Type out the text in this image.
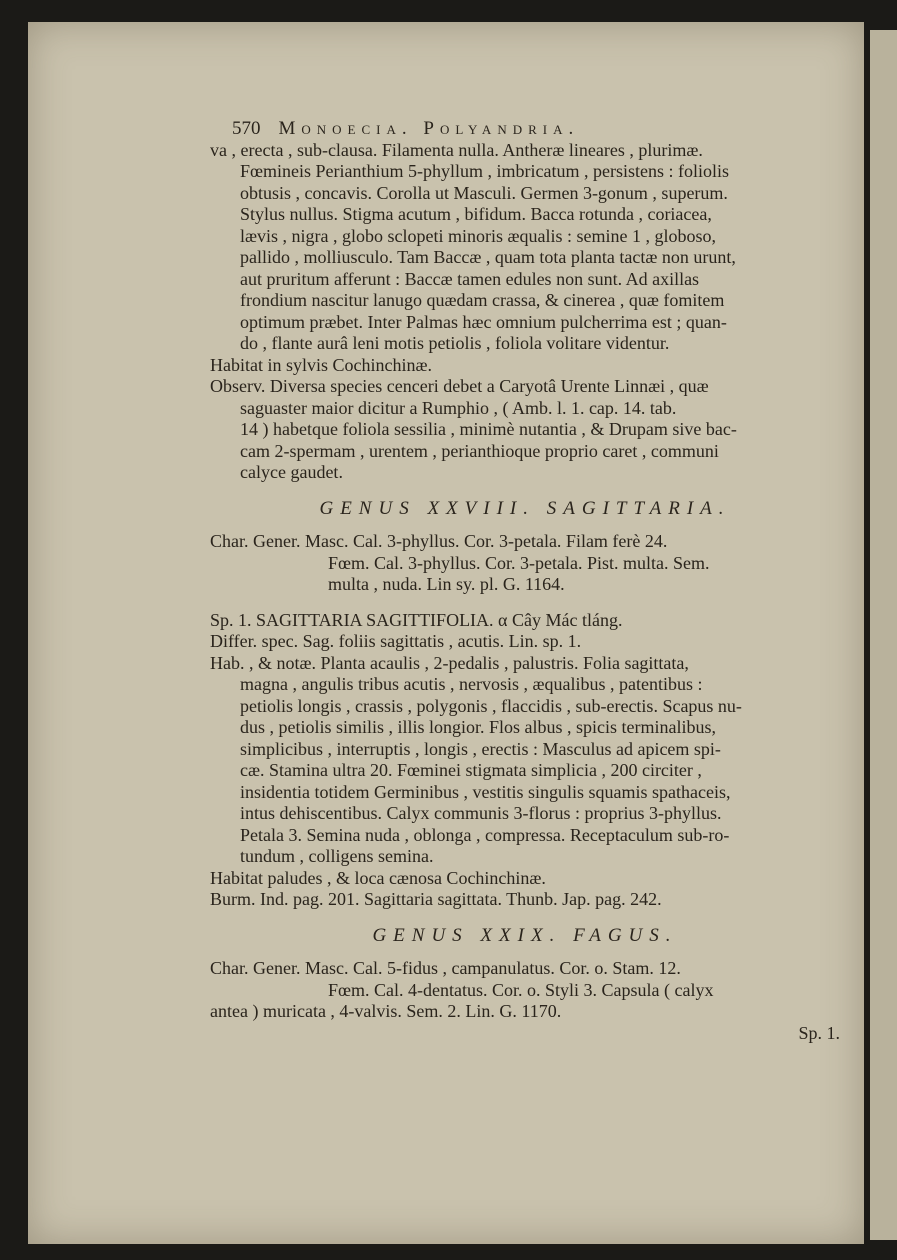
570 Monoecia. Polyandria.

va , erecta , sub-clausa. Filamenta nulla. Antheræ lineares , plurimæ.

Fœmineis Perianthium 5-phyllum , imbricatum , persistens : foliolis

obtusis , concavis. Corolla ut Masculi. Germen 3-gonum , superum.

Stylus nullus. Stigma acutum , bifidum. Bacca rotunda , coriacea,

lævis , nigra , globo sclopeti minoris æqualis : semine 1 , globoso,

pallido , molliusculo. Tam Baccæ , quam tota planta tactæ non urunt,

aut pruritum afferunt : Baccæ tamen edules non sunt. Ad axillas

frondium nascitur lanugo quædam crassa, & cinerea , quæ fomitem

optimum præbet. Inter Palmas hæc omnium pulcherrima est ; quan-

do , flante aurâ leni motis petiolis , foliola volitare videntur.

Habitat in sylvis Cochinchinæ.

Observ. Diversa species cenceri debet a Caryotâ Urente Linnæi , quæ

saguaster maior dicitur a Rumphio , ( Amb. l. 1. cap. 14. tab.

14 ) habetque foliola sessilia , minimè nutantia , & Drupam sive bac-

cam 2-spermam , urentem , perianthioque proprio caret , communi

calyce gaudet.

GENUS XXVIII. SAGITTARIA.

Char. Gener. Masc. Cal. 3-phyllus. Cor. 3-petala. Filam ferè 24.

Fœm. Cal. 3-phyllus. Cor. 3-petala. Pist. multa. Sem.

multa , nuda. Lin sy. pl. G. 1164.

Sp. 1. SAGITTARIA SAGITTIFOLIA. α Cây Mác tláng.

Differ. spec. Sag. foliis sagittatis , acutis. Lin. sp. 1.

Hab. , & notæ. Planta acaulis , 2-pedalis , palustris. Folia sagittata,

magna , angulis tribus acutis , nervosis , æqualibus , patentibus :

petiolis longis , crassis , polygonis , flaccidis , sub-erectis. Scapus nu-

dus , petiolis similis , illis longior. Flos albus , spicis terminalibus,

simplicibus , interruptis , longis , erectis : Masculus ad apicem spi-

cæ. Stamina ultra 20. Fœminei stigmata simplicia , 200 circiter ,

insidentia totidem Germinibus , vestitis singulis squamis spathaceis,

intus dehiscentibus. Calyx communis 3-florus : proprius 3-phyllus.

Petala 3. Semina nuda , oblonga , compressa. Receptaculum sub-ro-

tundum , colligens semina.

Habitat paludes , & loca cænosa Cochinchinæ.

Burm. Ind. pag. 201. Sagittaria sagittata. Thunb. Jap. pag. 242.

GENUS XXIX. FAGUS.

Char. Gener. Masc. Cal. 5-fidus , campanulatus. Cor. o. Stam. 12.

Fœm. Cal. 4-dentatus. Cor. o. Styli 3. Capsula ( calyx

antea ) muricata , 4-valvis. Sem. 2. Lin. G. 1170.

Sp. 1.
